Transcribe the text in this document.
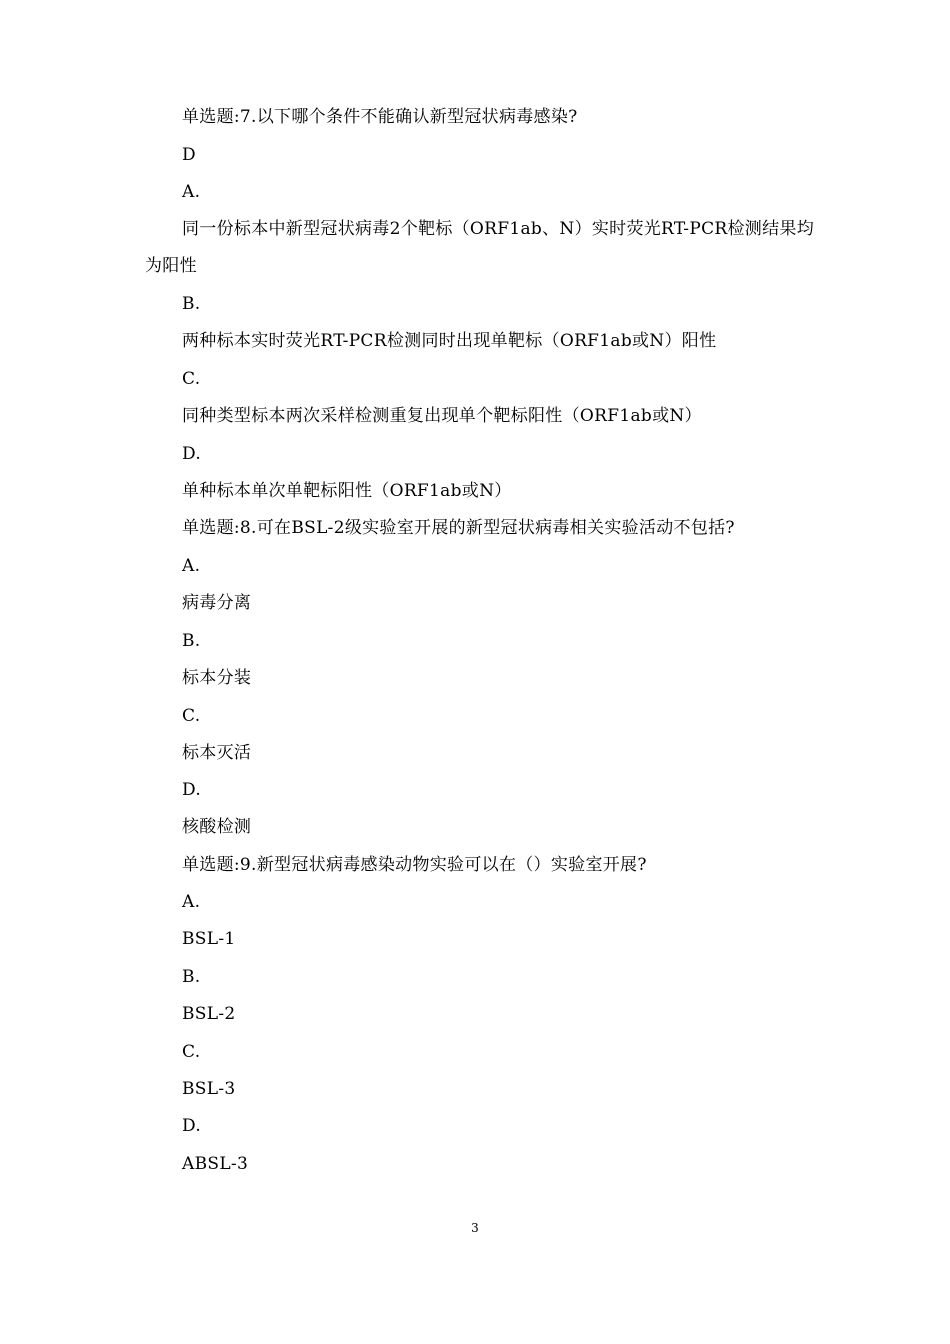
单选题:7.以下哪个条件不能确认新型冠状病毒感染?
D
A.
同一份标本中新型冠状病毒2个靶标（ORF1ab、N）实时荧光RT-PCR检测结果均为阳性
B.
两种标本实时荧光RT-PCR检测同时出现单靶标（ORF1ab或N）阳性
C.
同种类型标本两次采样检测重复出现单个靶标阳性（ORF1ab或N）
D.
单种标本单次单靶标阳性（ORF1ab或N）
单选题:8.可在BSL-2级实验室开展的新型冠状病毒相关实验活动不包括?
A.
病毒分离
B.
标本分装
C.
标本灭活
D.
核酸检测
单选题:9.新型冠状病毒感染动物实验可以在（）实验室开展?
A.
BSL-1
B.
BSL-2
C.
BSL-3
D.
ABSL-3
3
